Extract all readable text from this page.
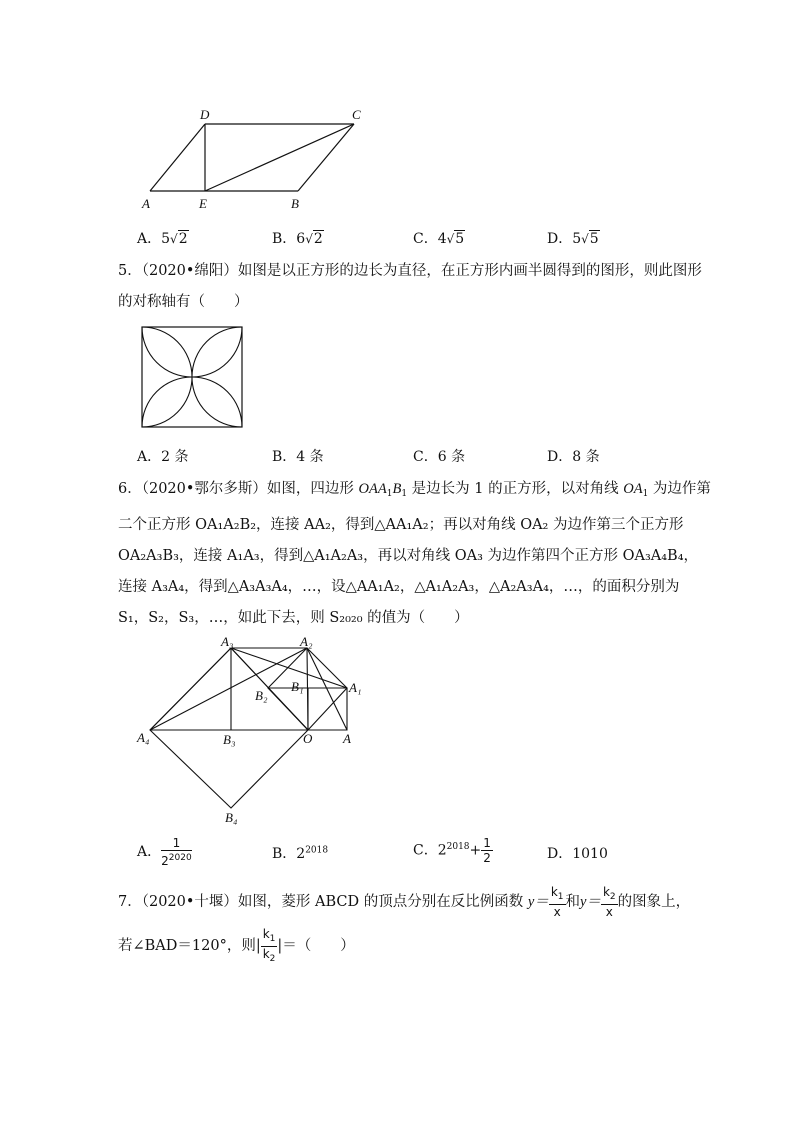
D	C
A	E	B
A．5√2	B．6√2	C．4√5	D．5√5

5．（2020•绵阳）如图是以正方形的边长为直径，在正方形内画半圆得到的图形，则此图形

的对称轴有（　　）

A．2 条	B．4 条	C．6 条	D．8 条

6．（2020•鄂尔多斯）如图，四边形 $OAA_1B_1$ 是边长为 1 的正方形，以对角线 $OA_1$ 为边作第

二个正方形 OA₁A₂B₂，连接 AA₂，得到△AA₁A₂；再以对角线 OA₂ 为边作第三个正方形

OA₂A₃B₃，连接 A₁A₃，得到△A₁A₂A₃，再以对角线 OA₃ 为边作第四个正方形 OA₃A₄B₄，

连接 A₃A₄，得到△A₃A₃A₄，…，设△AA₁A₂，△A₁A₂A₃，△A₂A₃A₄，…，的面积分别为

S₁，S₂，S₃，…，如此下去，则 S₂₀₂₀ 的值为（　　）

A₃	A₂
B₁	A₁
B₂
A₄	B₃	O A
B₄
A． $\frac{1}{2^{2020}}$	B．$2^{2018}$	C．$2^{2018}+ \frac{1}{2}$	D．1010

7．（2020•十堰）如图，菱形 ABCD 的顶点分别在反比例函数 $y= \frac{k_1}{x}$ 和$y= \frac{k_2}{x}$ 的图象上，

若∠BAD＝120°，则| $\frac{k_1}{k_2}$ |＝（　　）
